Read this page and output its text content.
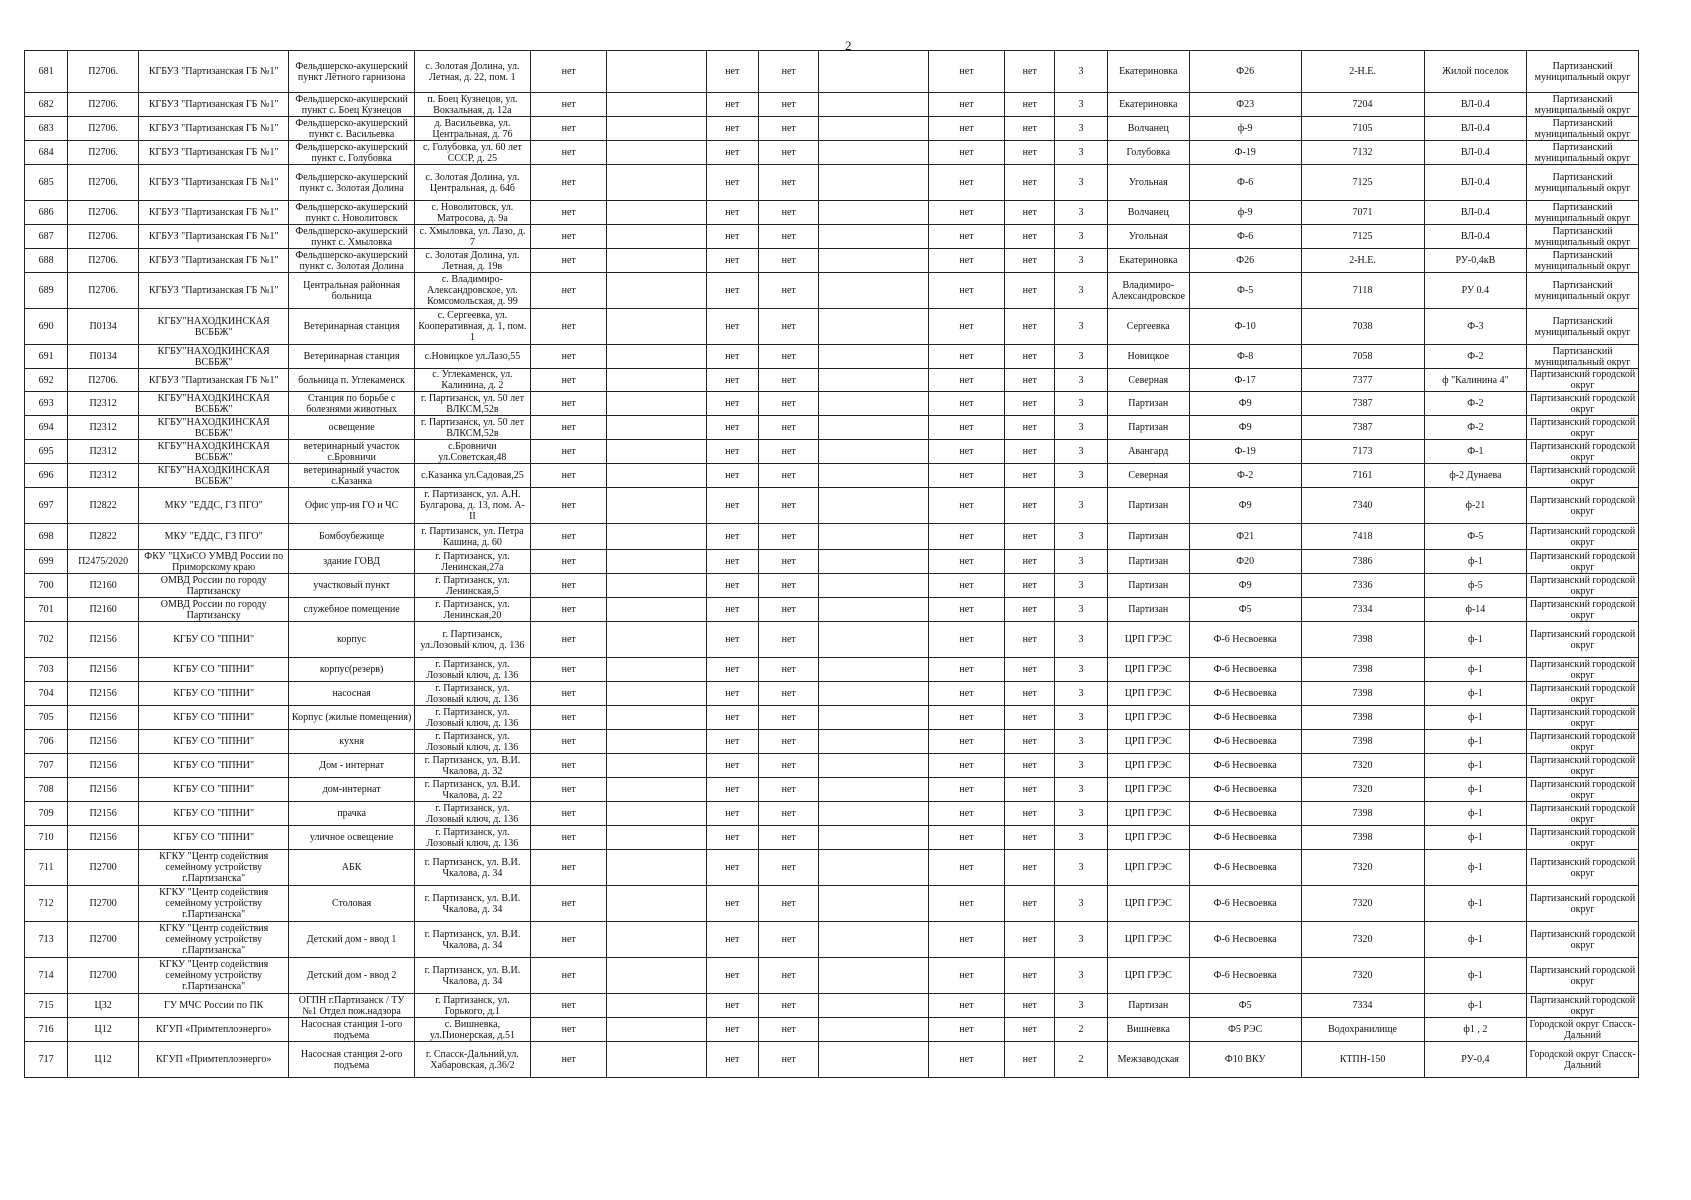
2
681	П2706.	КГБУЗ "Партизанская ГБ №1"	Фельдшерско-акушерский пункт Лётного гарнизона	с. Золотая Долина, ул. Летная, д. 22, пом. 1	нет		нет	нет		нет	нет	3	Екатериновка	Ф26	2-Н.Е.	Жилой поселок	Партизанский муниципальный округ
682	П2706.	КГБУЗ "Партизанская ГБ №1"	Фельдшерско-акушерский пункт с. Боец Кузнецов	п. Боец Кузнецов, ул. Вокзальная, д. 12а	нет		нет	нет		нет	нет	3	Екатериновка	Ф23	7204	ВЛ-0.4	Партизанский муниципальный округ
683	П2706.	КГБУЗ "Партизанская ГБ №1"	Фельдшерско-акушерский пункт с. Васильевка	д. Васильевка, ул. Центральная, д. 76	нет		нет	нет		нет	нет	3	Волчанец	ф-9	7105	ВЛ-0.4	Партизанский муниципальный округ
684	П2706.	КГБУЗ "Партизанская ГБ №1"	Фельдшерско-акушерский пункт с. Голубовка	с. Голубовка, ул. 60 лет СССР, д. 25	нет		нет	нет		нет	нет	3	Голубовка	Ф-19	7132	ВЛ-0.4	Партизанский муниципальный округ
685	П2706.	КГБУЗ "Партизанская ГБ №1"	Фельдшерско-акушерский пункт с. Золотая Долина	с. Золотая Долина, ул. Центральная, д. 64б	нет		нет	нет		нет	нет	3	Угольная	Ф-6	7125	ВЛ-0.4	Партизанский муниципальный округ
686	П2706.	КГБУЗ "Партизанская ГБ №1"	Фельдшерско-акушерский пункт с. Новолитовск	с. Новолитовск, ул. Матросова, д. 9а	нет		нет	нет		нет	нет	3	Волчанец	ф-9	7071	ВЛ-0.4	Партизанский муниципальный округ
687	П2706.	КГБУЗ "Партизанская ГБ №1"	Фельдшерско-акушерский пункт с. Хмыловка	с. Хмыловка, ул. Лазо, д. 7	нет		нет	нет		нет	нет	3	Угольная	Ф-6	7125	ВЛ-0.4	Партизанский муниципальный округ
688	П2706.	КГБУЗ "Партизанская ГБ №1"	Фельдшерско-акушерский пункт с. Золотая Долина	с. Золотая Долина, ул. Летная, д. 19в	нет		нет	нет		нет	нет	3	Екатериновка	Ф26	2-Н.Е.	РУ-0,4кВ	Партизанский муниципальный округ
689	П2706.	КГБУЗ "Партизанская ГБ №1"	Центральная районная больница	с. Владимиро-Александровское, ул. Комсомольская, д. 99	нет		нет	нет		нет	нет	3	Владимиро-Александровское	Ф-5	7118	РУ 0.4	Партизанский муниципальный округ
690	П0134	КГБУ"НАХОДКИНСКАЯ ВСББЖ"	Ветеринарная станция	с. Сергеевка, ул. Кооперативная, д. 1, пом. 1	нет		нет	нет		нет	нет	3	Сергеевка	Ф-10	7038	Ф-3	Партизанский муниципальный округ
691	П0134	КГБУ"НАХОДКИНСКАЯ ВСББЖ"	Ветеринарная станция	с.Новицкое ул.Лазо,55	нет		нет	нет		нет	нет	3	Новицкое	Ф-8	7058	Ф-2	Партизанский муниципальный округ
692	П2706.	КГБУЗ "Партизанская ГБ №1"	больница п. Углекаменск	с. Углекаменск, ул. Калинина, д. 2	нет		нет	нет		нет	нет	3	Северная	Ф-17	7377	ф "Калинина 4"	Партизанский городской округ
693	П2312	КГБУ"НАХОДКИНСКАЯ ВСББЖ"	Станция по борьбе с болезнями животных	г. Партизанск, ул. 50 лет ВЛКСМ,52в	нет		нет	нет		нет	нет	3	Партизан	Ф9	7387	Ф-2	Партизанский городской округ
694	П2312	КГБУ"НАХОДКИНСКАЯ ВСББЖ"	освещение	г. Партизанск, ул. 50 лет ВЛКСМ,52в	нет		нет	нет		нет	нет	3	Партизан	Ф9	7387	Ф-2	Партизанский городской округ
695	П2312	КГБУ"НАХОДКИНСКАЯ ВСББЖ"	ветеринарный участок с.Бровничи	с.Бровничи ул.Советская,48	нет		нет	нет		нет	нет	3	Авангард	Ф-19	7173	Ф-1	Партизанский городской округ
696	П2312	КГБУ"НАХОДКИНСКАЯ ВСББЖ"	ветеринарный участок с.Казанка	с.Казанка ул.Садовая,25	нет		нет	нет		нет	нет	3	Северная	Ф-2	7161	ф-2 Дунаева	Партизанский городской округ
697	П2822	МКУ "ЕДДС, ГЗ ПГО"	Офис упр-ия ГО и ЧС	г. Партизанск, ул. А.Н. Булгарова, д. 13, пом. А-II	нет		нет	нет		нет	нет	3	Партизан	Ф9	7340	ф-21	Партизанский городской округ
698	П2822	МКУ "ЕДДС, ГЗ ПГО"	Бомбоубежище	г. Партизанск, ул. Петра Кашина, д. 60	нет		нет	нет		нет	нет	3	Партизан	Ф21	7418	Ф-5	Партизанский городской округ
699	П2475/2020	ФКУ "ЦХиСО УМВД России по Приморскому краю	здание ГОВД	г. Партизанск, ул. Ленинская,27а	нет		нет	нет		нет	нет	3	Партизан	Ф20	7386	ф-1	Партизанский городской округ
700	П2160	ОМВД России по городу Партизанску	участковый пункт	г. Партизанск, ул. Ленинская,5	нет		нет	нет		нет	нет	3	Партизан	Ф9	7336	ф-5	Партизанский городской округ
701	П2160	ОМВД России по городу Партизанску	служебное помещение	г. Партизанск, ул. Ленинская,20	нет		нет	нет		нет	нет	3	Партизан	Ф5	7334	ф-14	Партизанский городской округ
702	П2156	КГБУ СО "ППНИ"	корпус	г. Партизанск, ул.Лозовый ключ, д. 136	нет		нет	нет		нет	нет	3	ЦРП ГРЭС	Ф-6 Несвоевка	7398	ф-1	Партизанский городской округ
703	П2156	КГБУ СО "ППНИ"	корпус(резерв)	г. Партизанск, ул. Лозовый ключ, д. 136	нет		нет	нет		нет	нет	3	ЦРП ГРЭС	Ф-6 Несвоевка	7398	ф-1	Партизанский городской округ
704	П2156	КГБУ СО "ППНИ"	насосная	г. Партизанск, ул. Лозовый ключ, д. 136	нет		нет	нет		нет	нет	3	ЦРП ГРЭС	Ф-6 Несвоевка	7398	ф-1	Партизанский городской округ
705	П2156	КГБУ СО "ППНИ"	Корпус (жилые помещения)	г. Партизанск, ул. Лозовый ключ, д. 136	нет		нет	нет		нет	нет	3	ЦРП ГРЭС	Ф-6 Несвоевка	7398	ф-1	Партизанский городской округ
706	П2156	КГБУ СО "ППНИ"	кухня	г. Партизанск, ул. Лозовый ключ, д. 136	нет		нет	нет		нет	нет	3	ЦРП ГРЭС	Ф-6 Несвоевка	7398	ф-1	Партизанский городской округ
707	П2156	КГБУ СО "ППНИ"	Дом - интернат	г. Партизанск, ул. В.И. Чкалова, д. 32	нет		нет	нет		нет	нет	3	ЦРП ГРЭС	Ф-6 Несвоевка	7320	ф-1	Партизанский городской округ
708	П2156	КГБУ СО "ППНИ"	дом-интернат	г. Партизанск, ул. В.И. Чкалова, д. 22	нет		нет	нет		нет	нет	3	ЦРП ГРЭС	Ф-6 Несвоевка	7320	ф-1	Партизанский городской округ
709	П2156	КГБУ СО "ППНИ"	прачка	г. Партизанск, ул. Лозовый ключ, д. 136	нет		нет	нет		нет	нет	3	ЦРП ГРЭС	Ф-6 Несвоевка	7398	ф-1	Партизанский городской округ
710	П2156	КГБУ СО "ППНИ"	уличное освещение	г. Партизанск, ул. Лозовый ключ, д. 136	нет		нет	нет		нет	нет	3	ЦРП ГРЭС	Ф-6 Несвоевка	7398	ф-1	Партизанский городской округ
711	П2700	КГКУ "Центр содействия семейному устройству г.Партизанска"	АБК	г. Партизанск, ул. В.И. Чкалова, д. 34	нет		нет	нет		нет	нет	3	ЦРП ГРЭС	Ф-6 Несвоевка	7320	ф-1	Партизанский городской округ
712	П2700	КГКУ "Центр содействия семейному устройству г.Партизанска"	Столовая	г. Партизанск, ул. В.И. Чкалова, д. 34	нет		нет	нет		нет	нет	3	ЦРП ГРЭС	Ф-6 Несвоевка	7320	ф-1	Партизанский городской округ
713	П2700	КГКУ "Центр содействия семейному устройству г.Партизанска"	Детский дом - ввод 1	г. Партизанск, ул. В.И. Чкалова, д. 34	нет		нет	нет		нет	нет	3	ЦРП ГРЭС	Ф-6 Несвоевка	7320	ф-1	Партизанский городской округ
714	П2700	КГКУ "Центр содействия семейному устройству г.Партизанска"	Детский дом - ввод 2	г. Партизанск, ул. В.И. Чкалова, д. 34	нет		нет	нет		нет	нет	3	ЦРП ГРЭС	Ф-6 Несвоевка	7320	ф-1	Партизанский городской округ
715	Ц32	ГУ МЧС России по ПК	ОГПН г.Партизанск / ТУ №1 Отдел пож.надзора	г. Партизанск, ул. Горького, д.1	нет		нет	нет		нет	нет	3	Партизан	Ф5	7334	ф-1	Партизанский городской округ
716	Ц12	КГУП «Примтеплоэнерго»	Насосная станция 1-ого подъема	с. Вишневка, ул.Пионерская, д.51	нет		нет	нет		нет	нет	2	Вишневка	Ф5 РЭС	Водохранилище	ф1 , 2	Городской округ Спасск-Дальний
717	Ц12	КГУП «Примтеплоэнерго»	Насосная станция 2-ого подъема	г. Спасск-Дальний,ул. Хабаровская, д.36/2	нет		нет	нет		нет	нет	2	Межзаводская	Ф10 ВКУ	КТПН-150	РУ-0,4	Городской округ Спасск-Дальний
